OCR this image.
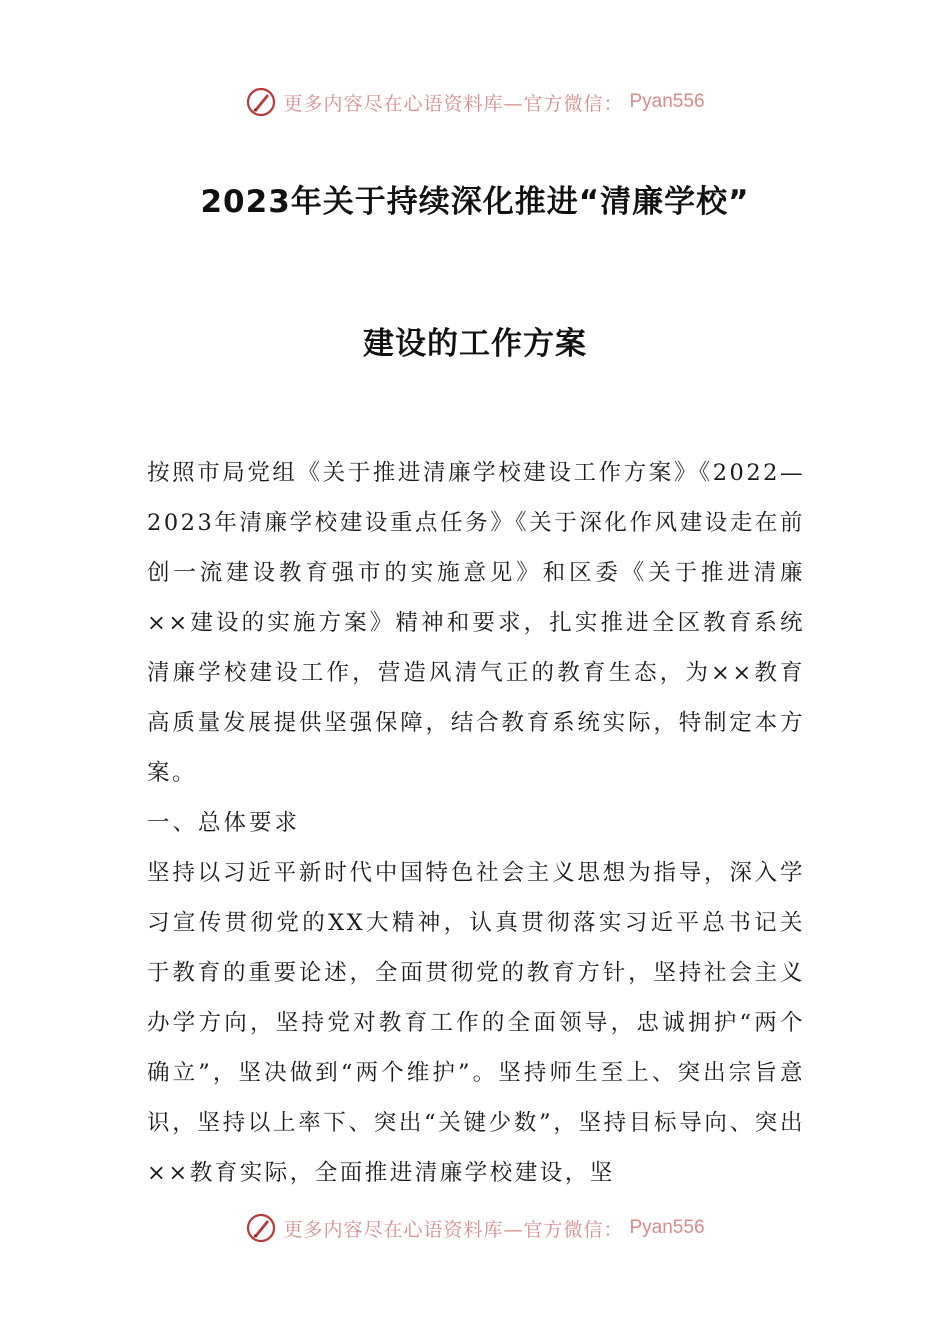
更多内容尽在心语资料库—官方微信： Pyan556
2023年关于持续深化推进“清廉学校”
建设的工作方案

按照市局党组《关于推进清廉学校建设工作方案》《2022—2023年清廉学校建设重点任务》《关于深化作风建设走在前创一流建设教育强市的实施意见》和区委《关于推进清廉××建设的实施方案》精神和要求，扎实推进全区教育系统清廉学校建设工作，营造风清气正的教育生态，为××教育高质量发展提供坚强保障，结合教育系统实际，特制定本方案。

一、总体要求

坚持以习近平新时代中国特色社会主义思想为指导，深入学习宣传贯彻党的XX大精神，认真贯彻落实习近平总书记关于教育的重要论述，全面贯彻党的教育方针，坚持社会主义办学方向，坚持党对教育工作的全面领导，忠诚拥护“两个确立”，坚决做到“两个维护”。坚持师生至上、突出宗旨意识，坚持以上率下、突出“关键少数”，坚持目标导向、突出××教育实际，全面推进清廉学校建设，坚

更多内容尽在心语资料库—官方微信： Pyan556
